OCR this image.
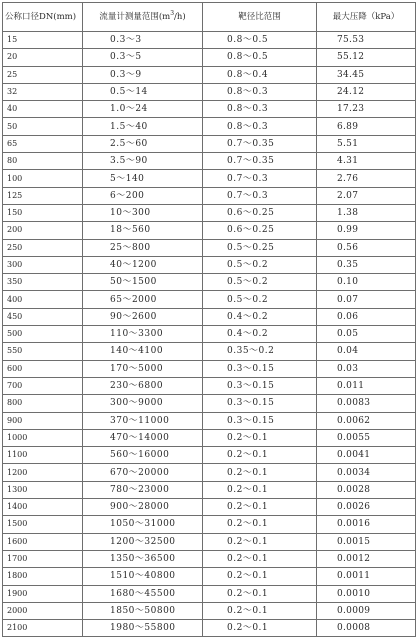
公称口径DN(mm)	流量计测量范围$(m^3/h)$	靶径比范围	最大压降（kPa）
15	0.3～3	0.8～0.5	75.53
20	0.3～5	0.8～0.5	55.12
25	0.3～9	0.8～0.4	34.45
32	0.5～14	0.8～0.3	24.12
40	1.0～24	0.8～0.3	17.23
50	1.5～40	0.8～0.3	6.89
65	2.5～60	0.7～0.35	5.51
80	3.5～90	0.7～0.35	4.31
100	5～140	0.7～0.3	2.76
125	6～200	0.7～0.3	2.07
150	10～300	0.6～0.25	1.38
200	18～560	0.6～0.25	0.99
250	25～800	0.5～0.25	0.56
300	40～1200	0.5～0.2	0.35
350	50～1500	0.5～0.2	0.10
400	65～2000	0.5～0.2	0.07
450	90～2600	0.4～0.2	0.06
500	110～3300	0.4～0.2	0.05
550	140～4100	0.35～0.2	0.04
600	170～5000	0.3～0.15	0.03
700	230～6800	0.3～0.15	0.011
800	300～9000	0.3～0.15	0.0083
900	370～11000	0.3～0.15	0.0062
1000	470～14000	0.2～0.1	0.0055
1100	560～16000	0.2～0.1	0.0041
1200	670～20000	0.2～0.1	0.0034
1300	780～23000	0.2～0.1	0.0028
1400	900～28000	0.2～0.1	0.0026
1500	1050～31000	0.2～0.1	0.0016
1600	1200～32500	0.2～0.1	0.0015
1700	1350～36500	0.2～0.1	0.0012
1800	1510～40800	0.2～0.1	0.0011
1900	1680～45500	0.2～0.1	0.0010
2000	1850～50800	0.2～0.1	0.0009
2100	1980～55800	0.2～0.1	0.0008
